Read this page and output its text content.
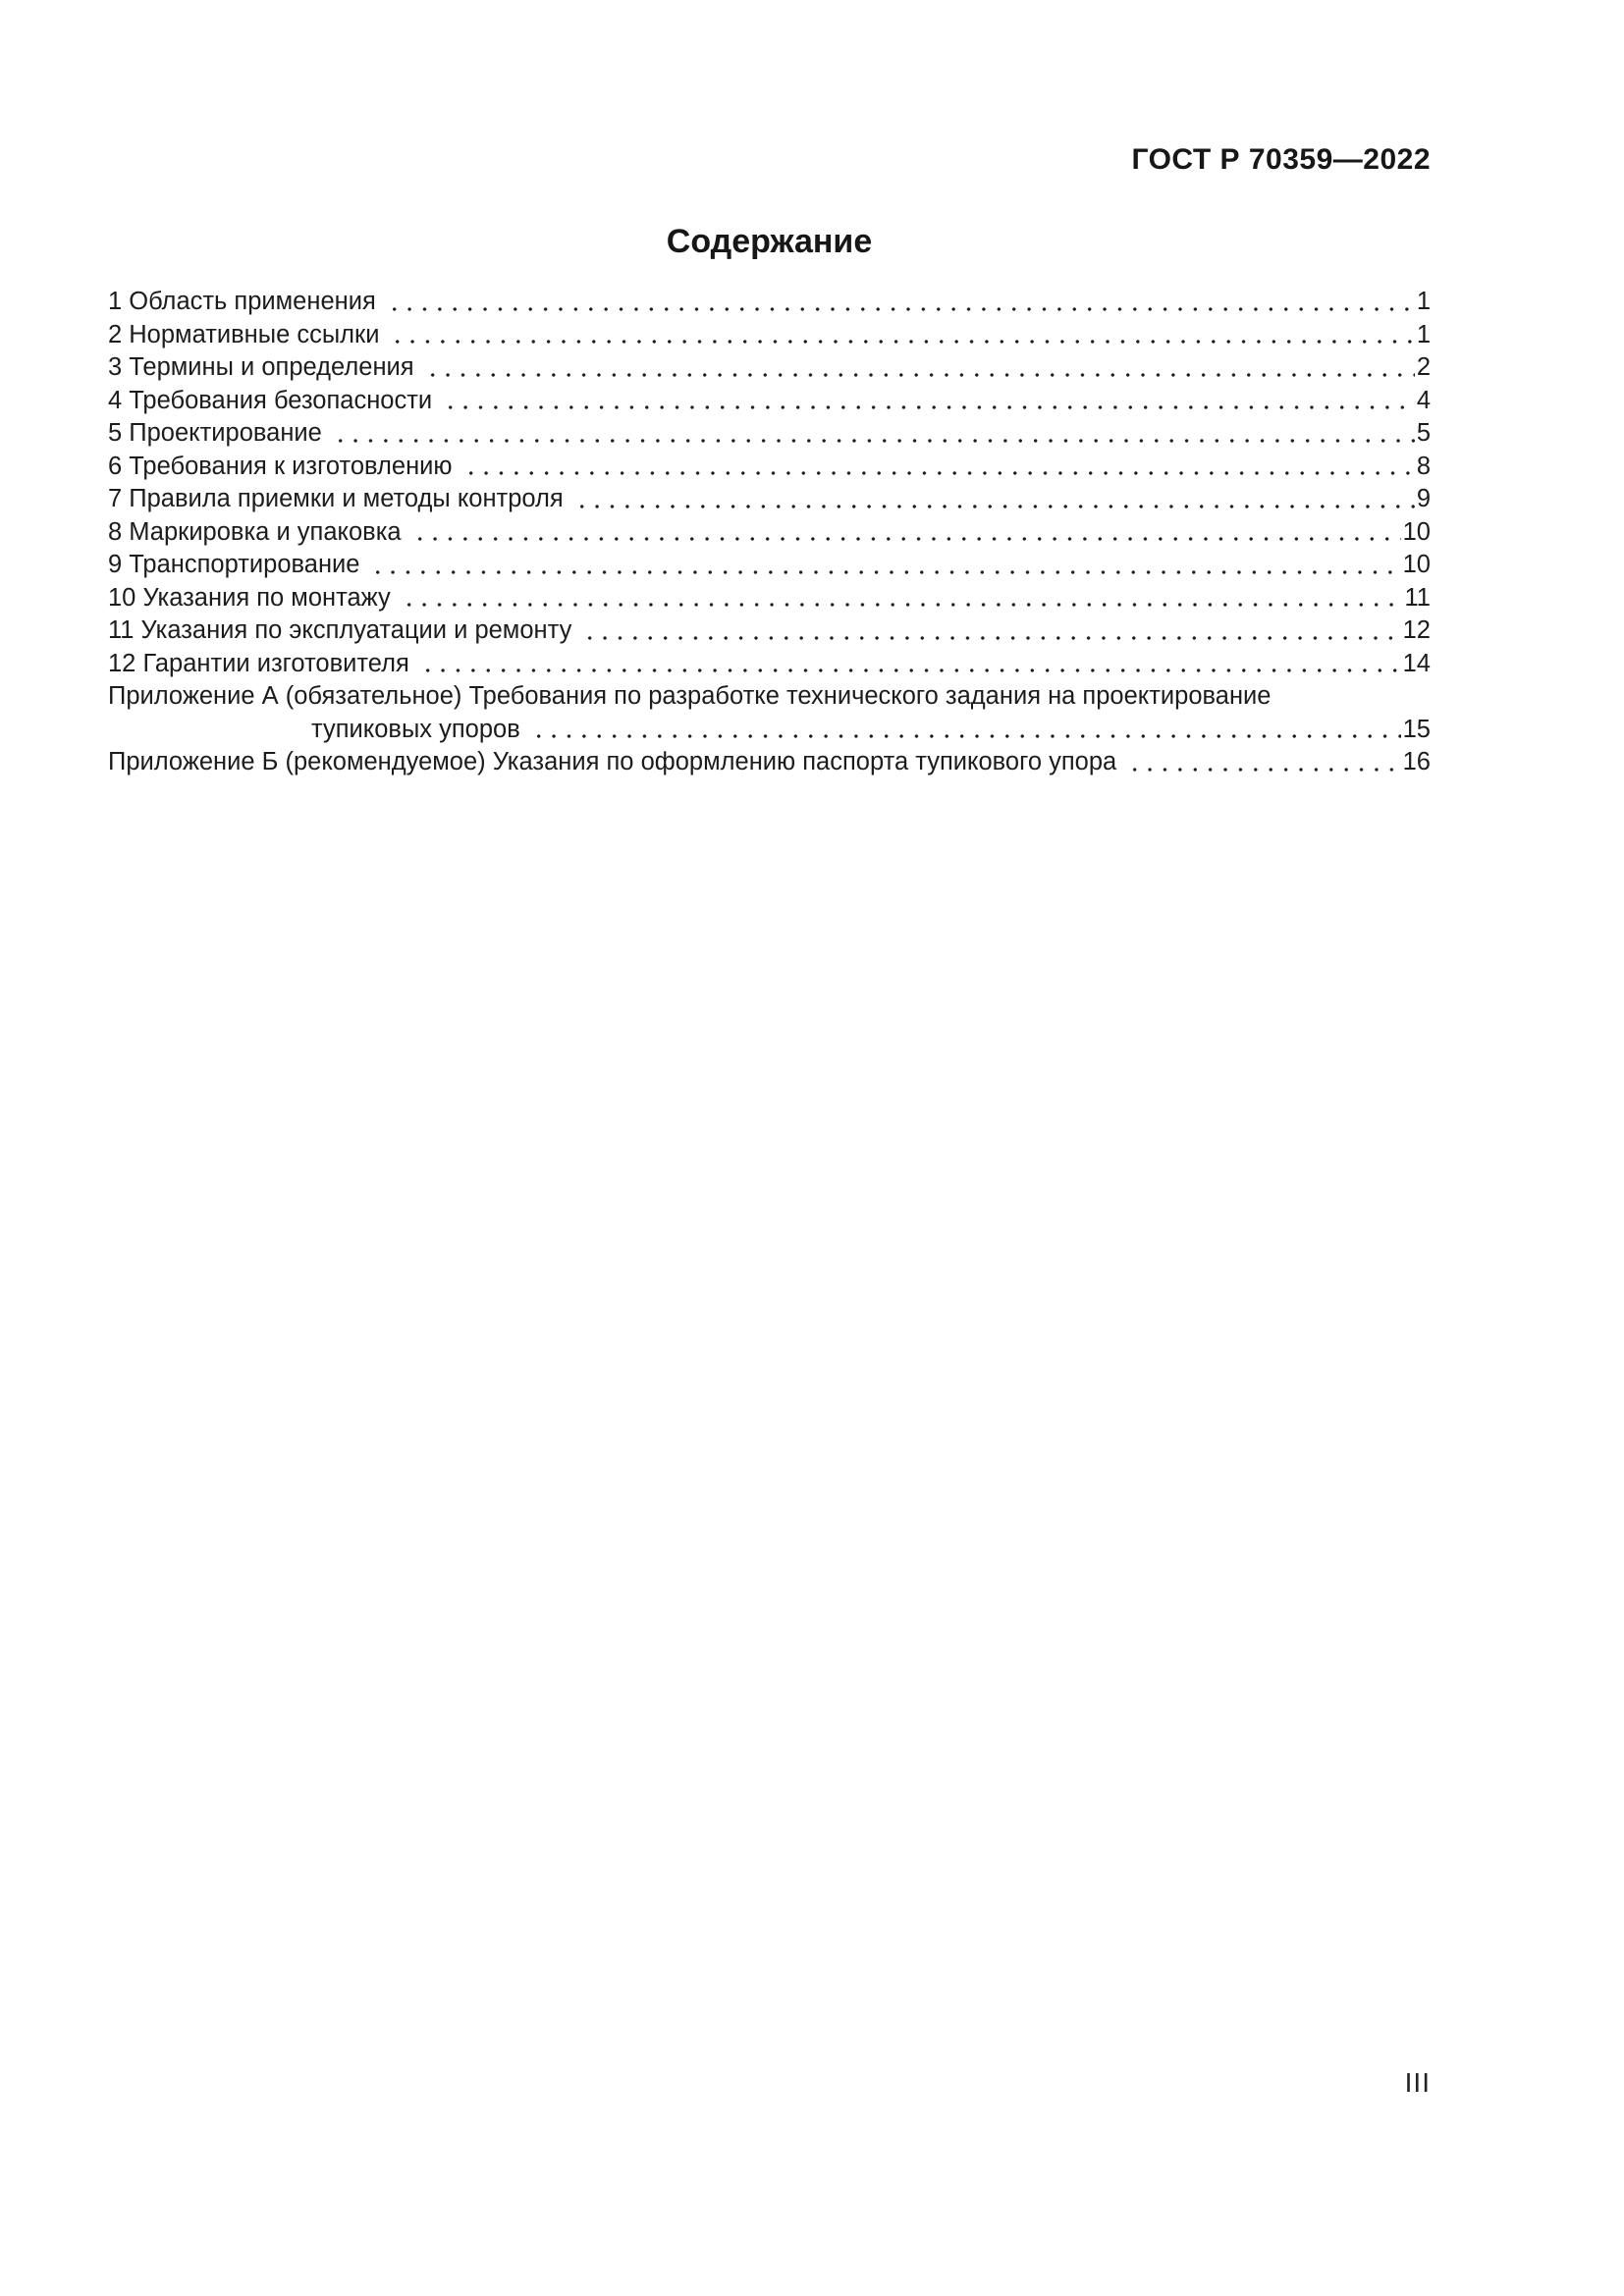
ГОСТ Р 70359—2022
Содержание
1 Область применения	1
2 Нормативные ссылки	1
3 Термины и определения	2
4 Требования безопасности	4
5 Проектирование	5
6 Требования к изготовлению	8
7 Правила приемки и методы контроля	9
8 Маркировка и упаковка	10
9 Транспортирование	10
10 Указания по монтажу	11
11 Указания по эксплуатации и ремонту	12
12 Гарантии изготовителя	14
Приложение А (обязательное) Требования по разработке технического задания на проектирование
тупиковых упоров	15
Приложение Б (рекомендуемое) Указания по оформлению паспорта тупикового упора	16
III
